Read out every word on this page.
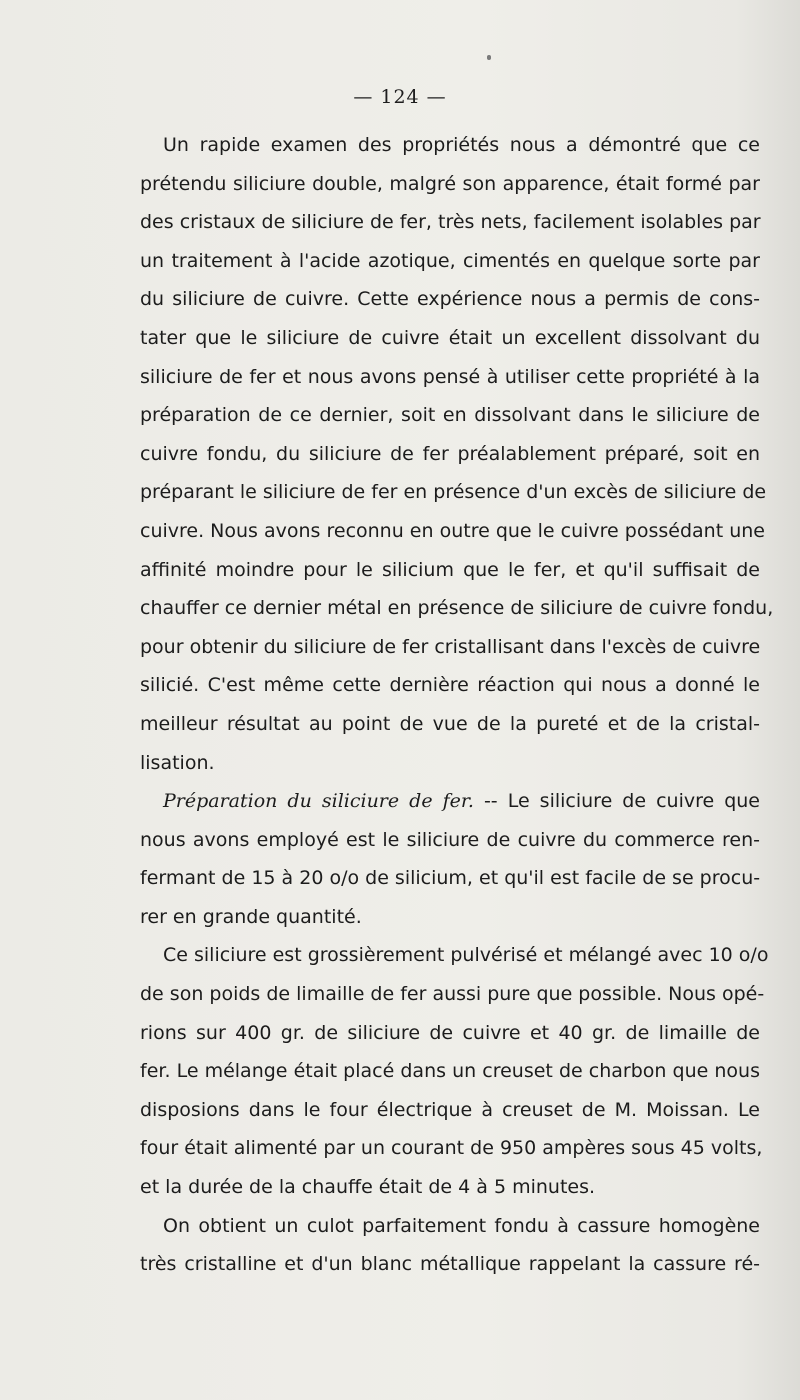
— 124 —
Un rapide examen des propriétés nous a démontré que ce
prétendu siliciure double, malgré son apparence, était formé par
des cristaux de siliciure de fer, très nets, facilement isolables par
un traitement à l'acide azotique, cimentés en quelque sorte par
du siliciure de cuivre. Cette expérience nous a permis de cons-
tater que le siliciure de cuivre était un excellent dissolvant du
siliciure de fer et nous avons pensé à utiliser cette propriété à la
préparation de ce dernier, soit en dissolvant dans le siliciure de
cuivre fondu, du siliciure de fer préalablement préparé, soit en
préparant le siliciure de fer en présence d'un excès de siliciure de
cuivre. Nous avons reconnu en outre que le cuivre possédant une
affinité moindre pour le silicium que le fer, et qu'il suffisait de
chauffer ce dernier métal en présence de siliciure de cuivre fondu,
pour obtenir du siliciure de fer cristallisant dans l'excès de cuivre
silicié. C'est même cette dernière réaction qui nous a donné le
meilleur résultat au point de vue de la pureté et de la cristal-
lisation.
Préparation du siliciure de fer. -- Le siliciure de cuivre que
nous avons employé est le siliciure de cuivre du commerce ren-
fermant de 15 à 20 o/o de silicium, et qu'il est facile de se procu-
rer en grande quantité.
Ce siliciure est grossièrement pulvérisé et mélangé avec 10 o/o
de son poids de limaille de fer aussi pure que possible. Nous opé-
rions sur 400 gr. de siliciure de cuivre et 40 gr. de limaille de
fer. Le mélange était placé dans un creuset de charbon que nous
disposions dans le four électrique à creuset de M. Moissan. Le
four était alimenté par un courant de 950 ampères sous 45 volts,
et la durée de la chauffe était de 4 à 5 minutes.
On obtient un culot parfaitement fondu à cassure homogène
très cristalline et d'un blanc métallique rappelant la cassure ré-
